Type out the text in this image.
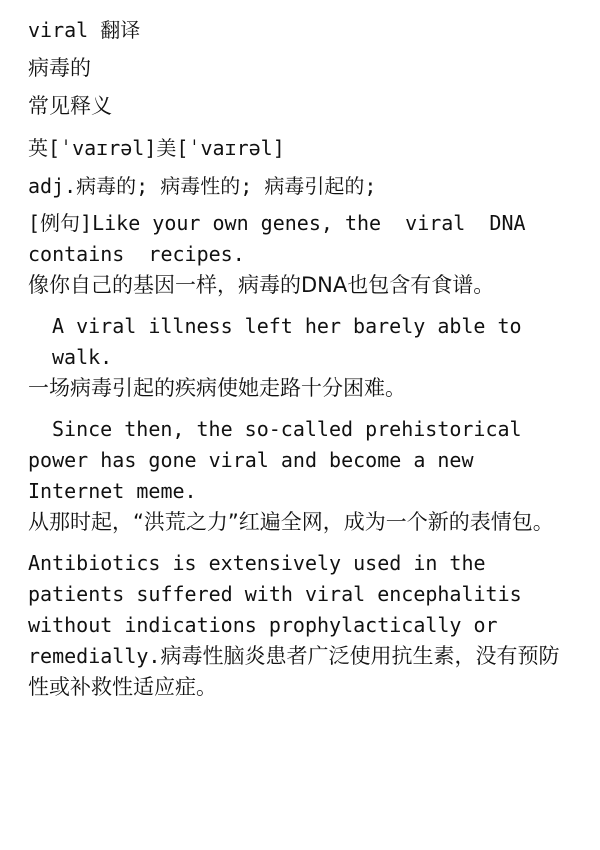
viral 翻译
病毒的
常见释义
英[ˈvaɪrəl]美[ˈvaɪrəl]
adj.病毒的; 病毒性的; 病毒引起的;
[例句]Like your own genes, the  viral  DNA contains  recipes.
像你自己的基因一样，病毒的DNA也包含有食谱。
A viral illness left her barely able to walk.
一场病毒引起的疾病使她走路十分困难。
Since then, the so-called prehistorical power has gone viral and become a new Internet meme.
从那时起，“洪荒之力”红遍全网，成为一个新的表情包。
Antibiotics is extensively used in the patients suffered with viral encephalitis without indications prophylactically or remedially.病毒性脑炎患者广泛使用抗生素，没有预防性或补救性适应症。
